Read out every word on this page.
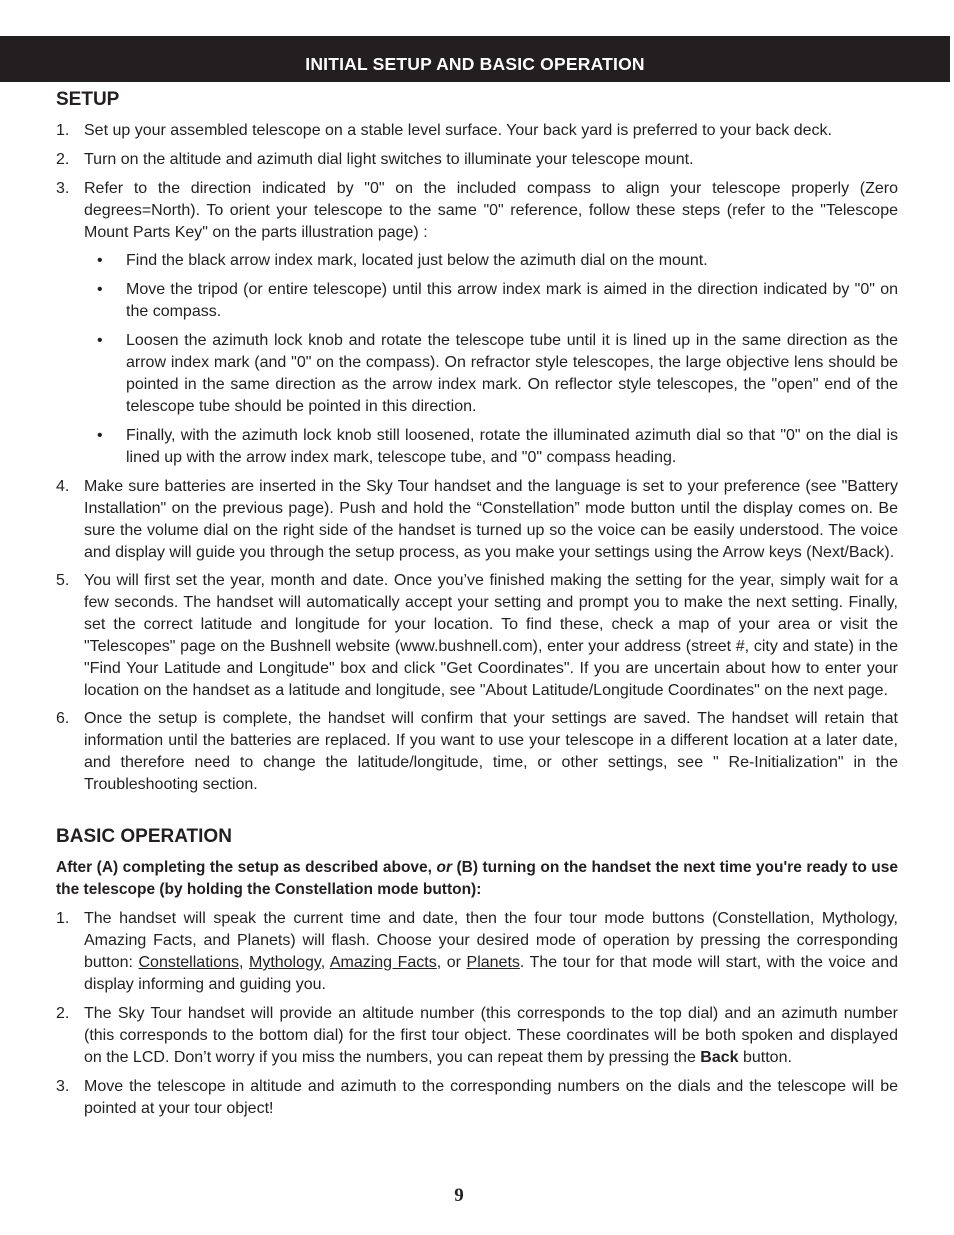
INITIAL SETUP AND BASIC OPERATION
SETUP
1. Set up your assembled telescope on a stable level surface. Your back yard is preferred to your back deck.
2. Turn on the altitude and azimuth dial light switches to illuminate your telescope mount.
3. Refer to the direction indicated by "0" on the included compass to align your telescope properly (Zero degrees=North). To orient your telescope to the same "0" reference, follow these steps (refer to the "Telescope Mount Parts Key" on the parts illustration page) :
• Find the black arrow index mark, located just below the azimuth dial on the mount.
• Move the tripod (or entire telescope) until this arrow index mark is aimed in the direction indicated by "0" on the compass.
• Loosen the azimuth lock knob and rotate the telescope tube until it is lined up in the same direction as the arrow index mark (and "0" on the compass). On refractor style telescopes, the large objective lens should be pointed in the same direction as the arrow index mark. On reflector style telescopes, the "open" end of the telescope tube should be pointed in this direction.
• Finally, with the azimuth lock knob still loosened, rotate the illuminated azimuth dial so that "0" on the dial is lined up with the arrow index mark, telescope tube, and "0" compass heading.
4. Make sure batteries are inserted in the Sky Tour handset and the language is set to your preference (see "Battery Installation" on the previous page). Push and hold the “Constellation” mode button until the display comes on. Be sure the volume dial on the right side of the handset is turned up so the voice can be easily understood. The voice and display will guide you through the setup process, as you make your settings using the Arrow keys (Next/Back).
5. You will first set the year, month and date. Once you’ve finished making the setting for the year, simply wait for a few seconds. The handset will automatically accept your setting and prompt you to make the next setting. Finally, set the correct latitude and longitude for your location. To find these, check a map of your area or visit the "Telescopes" page on the Bushnell website (www.bushnell.com), enter your address (street #, city and state) in the "Find Your Latitude and Longitude" box and click "Get Coordinates". If you are uncertain about how to enter your location on the handset as a latitude and longitude, see "About Latitude/Longitude Coordinates" on the next page.
6. Once the setup is complete, the handset will confirm that your settings are saved. The handset will retain that information until the batteries are replaced. If you want to use your telescope in a different location at a later date, and therefore need to change the latitude/longitude, time, or other settings, see " Re-Initialization" in the Troubleshooting section.
BASIC OPERATION

After (A) completing the setup as described above, or (B) turning on the handset the next time you're ready to use the telescope (by holding the Constellation mode button):

1. The handset will speak the current time and date, then the four tour mode buttons (Constellation, Mythology, Amazing Facts, and Planets) will flash. Choose your desired mode of operation by pressing the corresponding button: Constellations, Mythology, Amazing Facts, or Planets. The tour for that mode will start, with the voice and display informing and guiding you.
2. The Sky Tour handset will provide an altitude number (this corresponds to the top dial) and an azimuth number (this corresponds to the bottom dial) for the first tour object. These coordinates will be both spoken and displayed on the LCD. Don’t worry if you miss the numbers, you can repeat them by pressing the Back button.
3. Move the telescope in altitude and azimuth to the corresponding numbers on the dials and the telescope will be pointed at your tour object!
9
